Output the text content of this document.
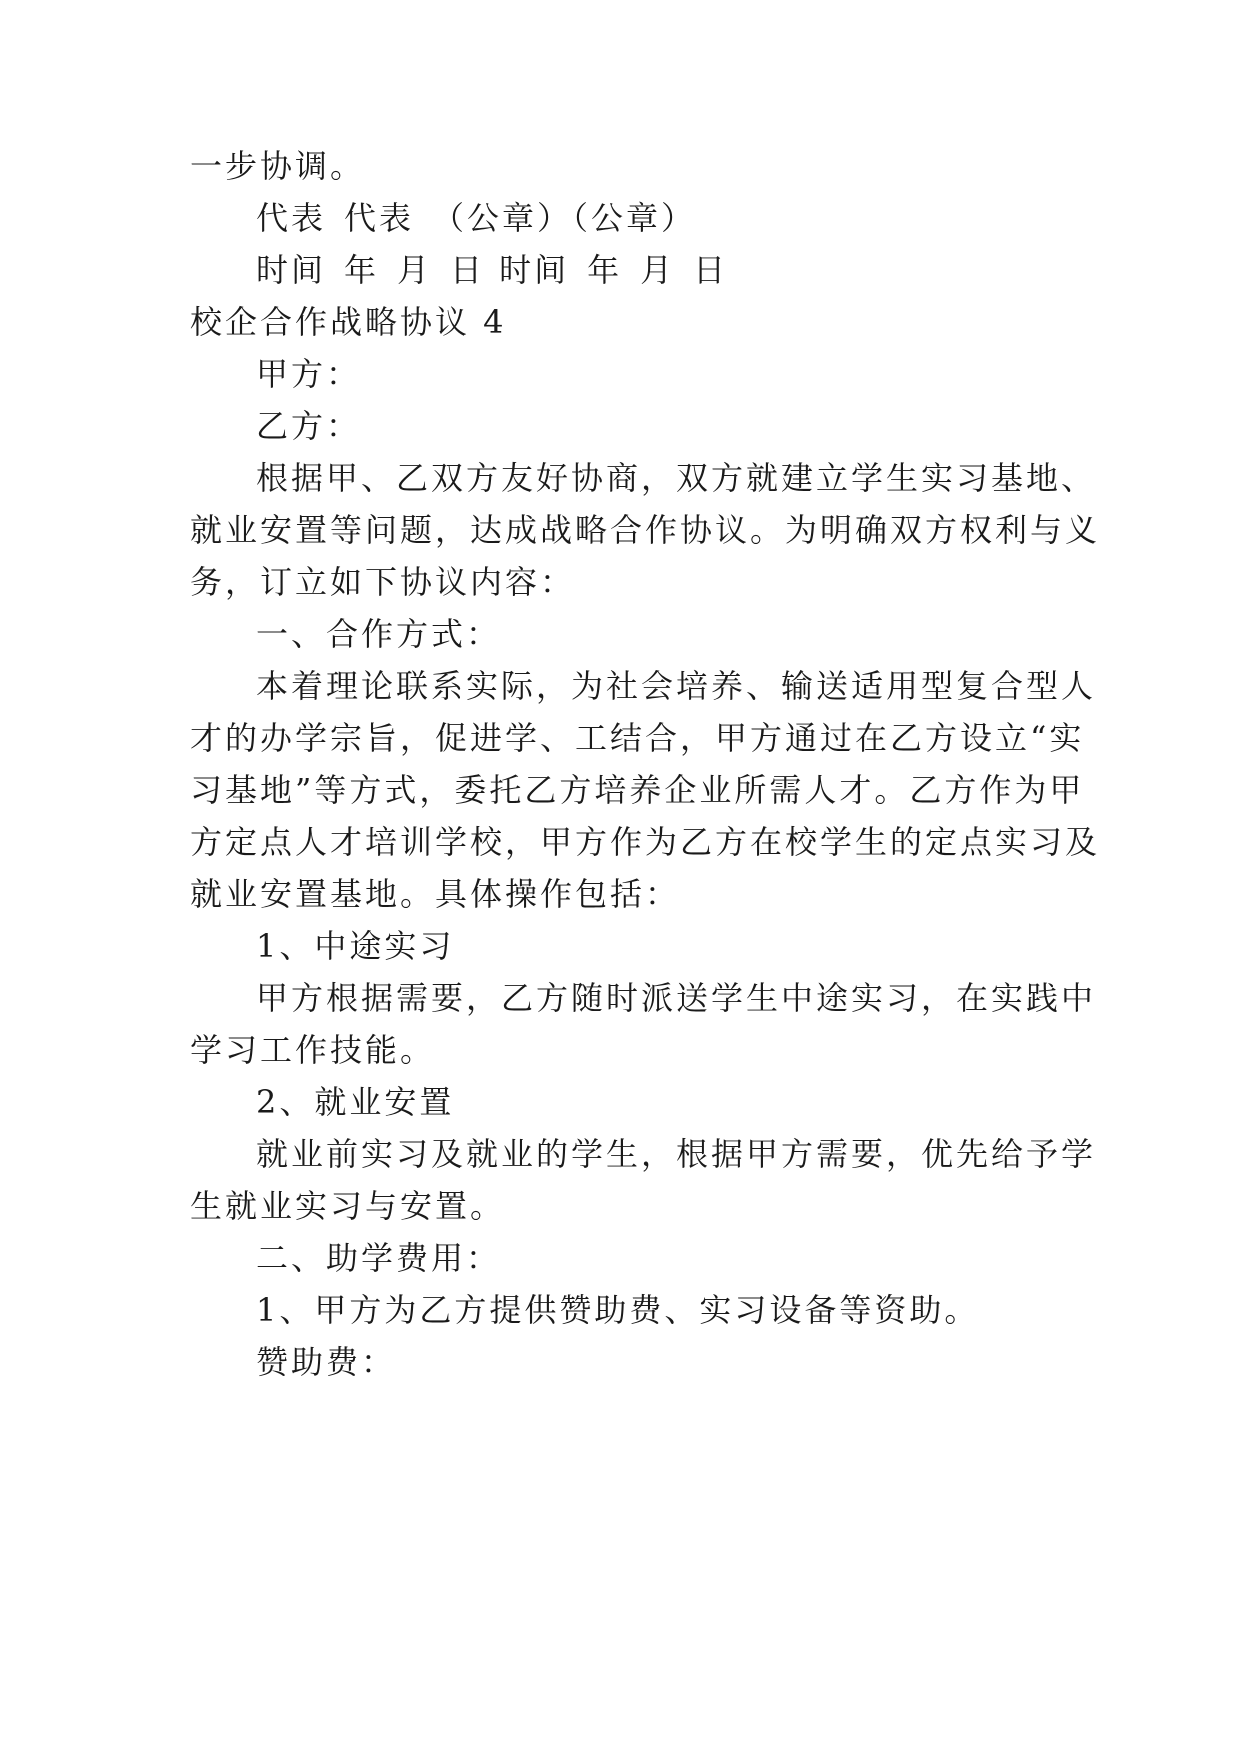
一步协调。
代表 代表 （公章）（公章）
时间 年 月 日 时间 年 月 日
校企合作战略协议 4
甲方：
乙方：
根据甲、乙双方友好协商，双方就建立学生实习基地、
就业安置等问题，达成战略合作协议。为明确双方权利与义
务，订立如下协议内容：
一、合作方式：
本着理论联系实际，为社会培养、输送适用型复合型人
才的办学宗旨，促进学、工结合，甲方通过在乙方设立“实
习基地”等方式，委托乙方培养企业所需人才。乙方作为甲
方定点人才培训学校，甲方作为乙方在校学生的定点实习及
就业安置基地。具体操作包括：
1、中途实习
甲方根据需要，乙方随时派送学生中途实习，在实践中
学习工作技能。
2、就业安置
就业前实习及就业的学生，根据甲方需要，优先给予学
生就业实习与安置。
二、助学费用：
1、甲方为乙方提供赞助费、实习设备等资助。
赞助费：
